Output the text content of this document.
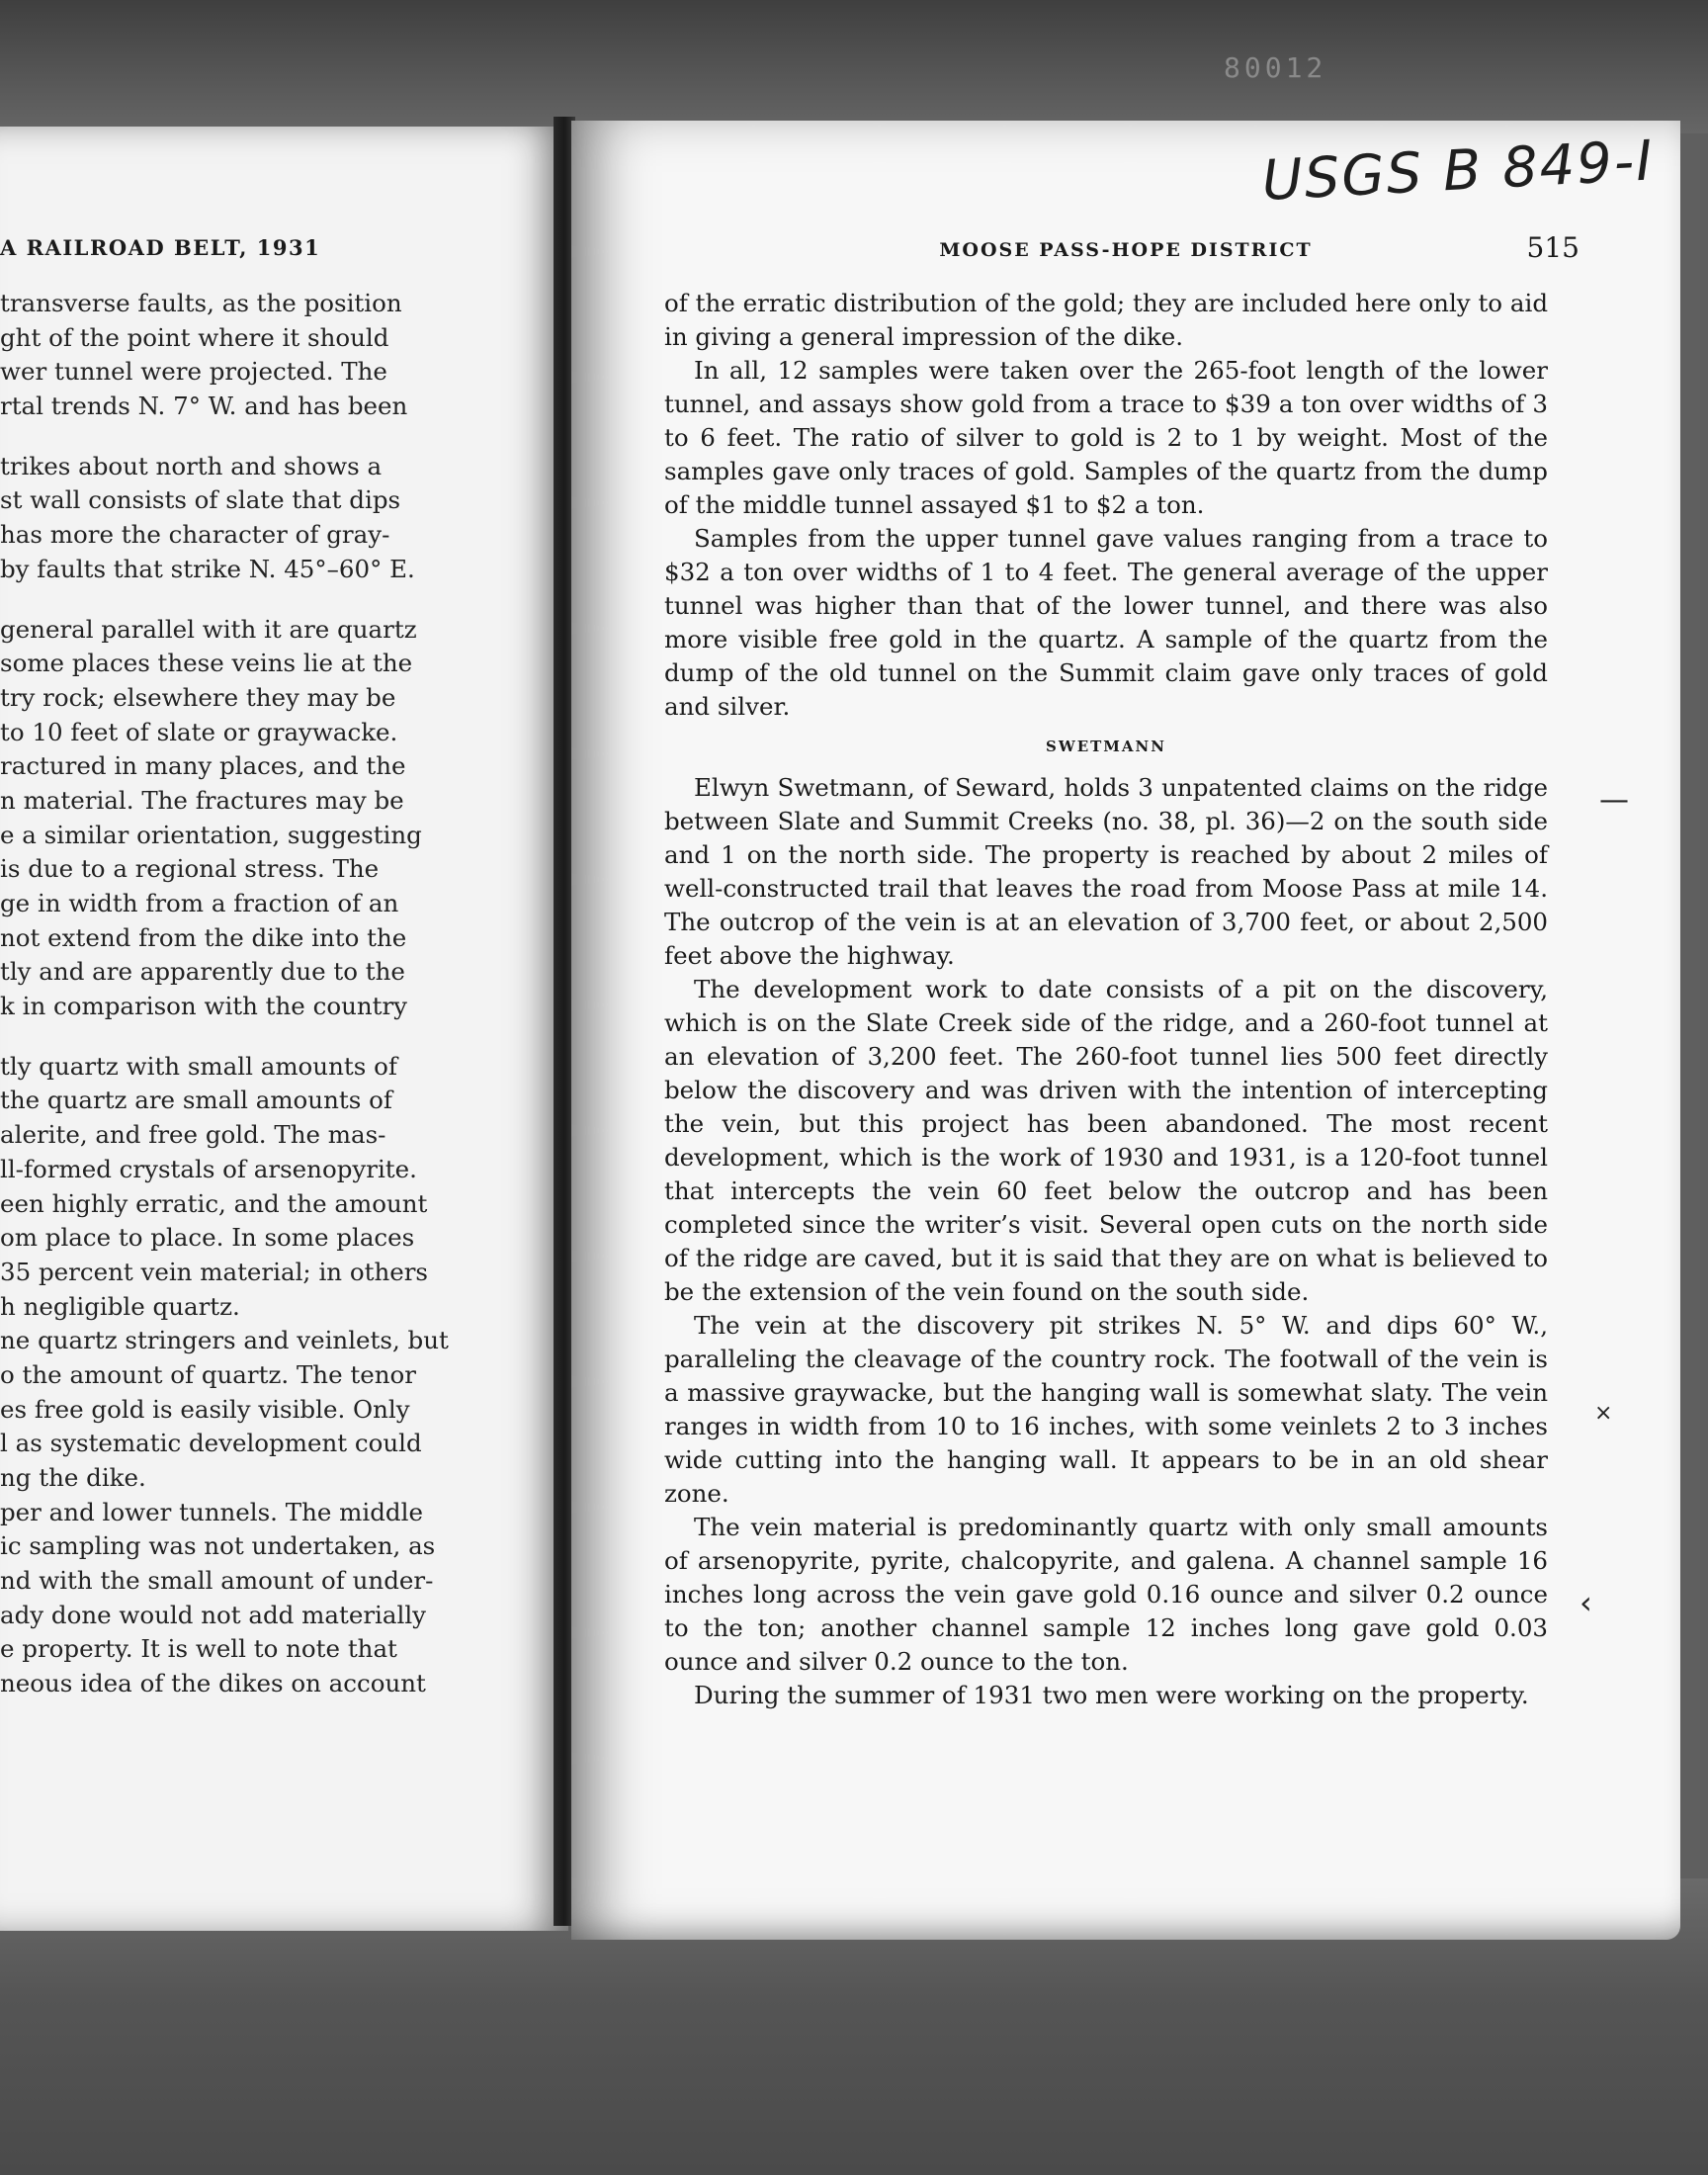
A RAILROAD BELT, 1931
transverse faults, as the position
ght of the point where it should
wer tunnel were projected. The
rtal trends N. 7° W. and has been
trikes about north and shows a
st wall consists of slate that dips
has more the character of gray-
by faults that strike N. 45°–60° E.
general parallel with it are quartz
some places these veins lie at the
try rock; elsewhere they may be
to 10 feet of slate or graywacke.
ractured in many places, and the
n material. The fractures may be
e a similar orientation, suggesting
is due to a regional stress. The
ge in width from a fraction of an
not extend from the dike into the
tly and are apparently due to the
k in comparison with the country
tly quartz with small amounts of
the quartz are small amounts of
alerite, and free gold. The mas-
ll-formed crystals of arsenopyrite.
een highly erratic, and the amount
om place to place. In some places
35 percent vein material; in others
h negligible quartz.
ne quartz stringers and veinlets, but
o the amount of quartz. The tenor
es free gold is easily visible. Only
l as systematic development could
ng the dike.
per and lower tunnels. The middle
ic sampling was not undertaken, as
nd with the small amount of under-
ady done would not add materially
e property. It is well to note that
neous idea of the dikes on account
80012
USGS B 849-I
MOOSE PASS-HOPE DISTRICT	515

of the erratic distribution of the gold; they are included here only to aid in giving a general impression of the dike.

In all, 12 samples were taken over the 265-foot length of the lower tunnel, and assays show gold from a trace to $39 a ton over widths of 3 to 6 feet. The ratio of silver to gold is 2 to 1 by weight. Most of the samples gave only traces of gold. Samples of the quartz from the dump of the middle tunnel assayed $1 to $2 a ton.

Samples from the upper tunnel gave values ranging from a trace to $32 a ton over widths of 1 to 4 feet. The general average of the upper tunnel was higher than that of the lower tunnel, and there was also more visible free gold in the quartz. A sample of the quartz from the dump of the old tunnel on the Summit claim gave only traces of gold and silver.

SWETMANN

Elwyn Swetmann, of Seward, holds 3 unpatented claims on the ridge between Slate and Summit Creeks (no. 38, pl. 36)—2 on the south side and 1 on the north side. The property is reached by about 2 miles of well-constructed trail that leaves the road from Moose Pass at mile 14. The outcrop of the vein is at an elevation of 3,700 feet, or about 2,500 feet above the highway.

The development work to date consists of a pit on the discovery, which is on the Slate Creek side of the ridge, and a 260-foot tunnel at an elevation of 3,200 feet. The 260-foot tunnel lies 500 feet directly below the discovery and was driven with the intention of intercepting the vein, but this project has been abandoned. The most recent development, which is the work of 1930 and 1931, is a 120-foot tunnel that intercepts the vein 60 feet below the outcrop and has been completed since the writer’s visit. Several open cuts on the north side of the ridge are caved, but it is said that they are on what is believed to be the extension of the vein found on the south side.

The vein at the discovery pit strikes N. 5° W. and dips 60° W., paralleling the cleavage of the country rock. The footwall of the vein is a massive graywacke, but the hanging wall is somewhat slaty. The vein ranges in width from 10 to 16 inches, with some veinlets 2 to 3 inches wide cutting into the hanging wall. It appears to be in an old shear zone.

The vein material is predominantly quartz with only small amounts of arsenopyrite, pyrite, chalcopyrite, and galena. A channel sample 16 inches long across the vein gave gold 0.16 ounce and silver 0.2 ounce to the ton; another channel sample 12 inches long gave gold 0.03 ounce and silver 0.2 ounce to the ton.

During the summer of 1931 two men were working on the property.

—
×
‹
